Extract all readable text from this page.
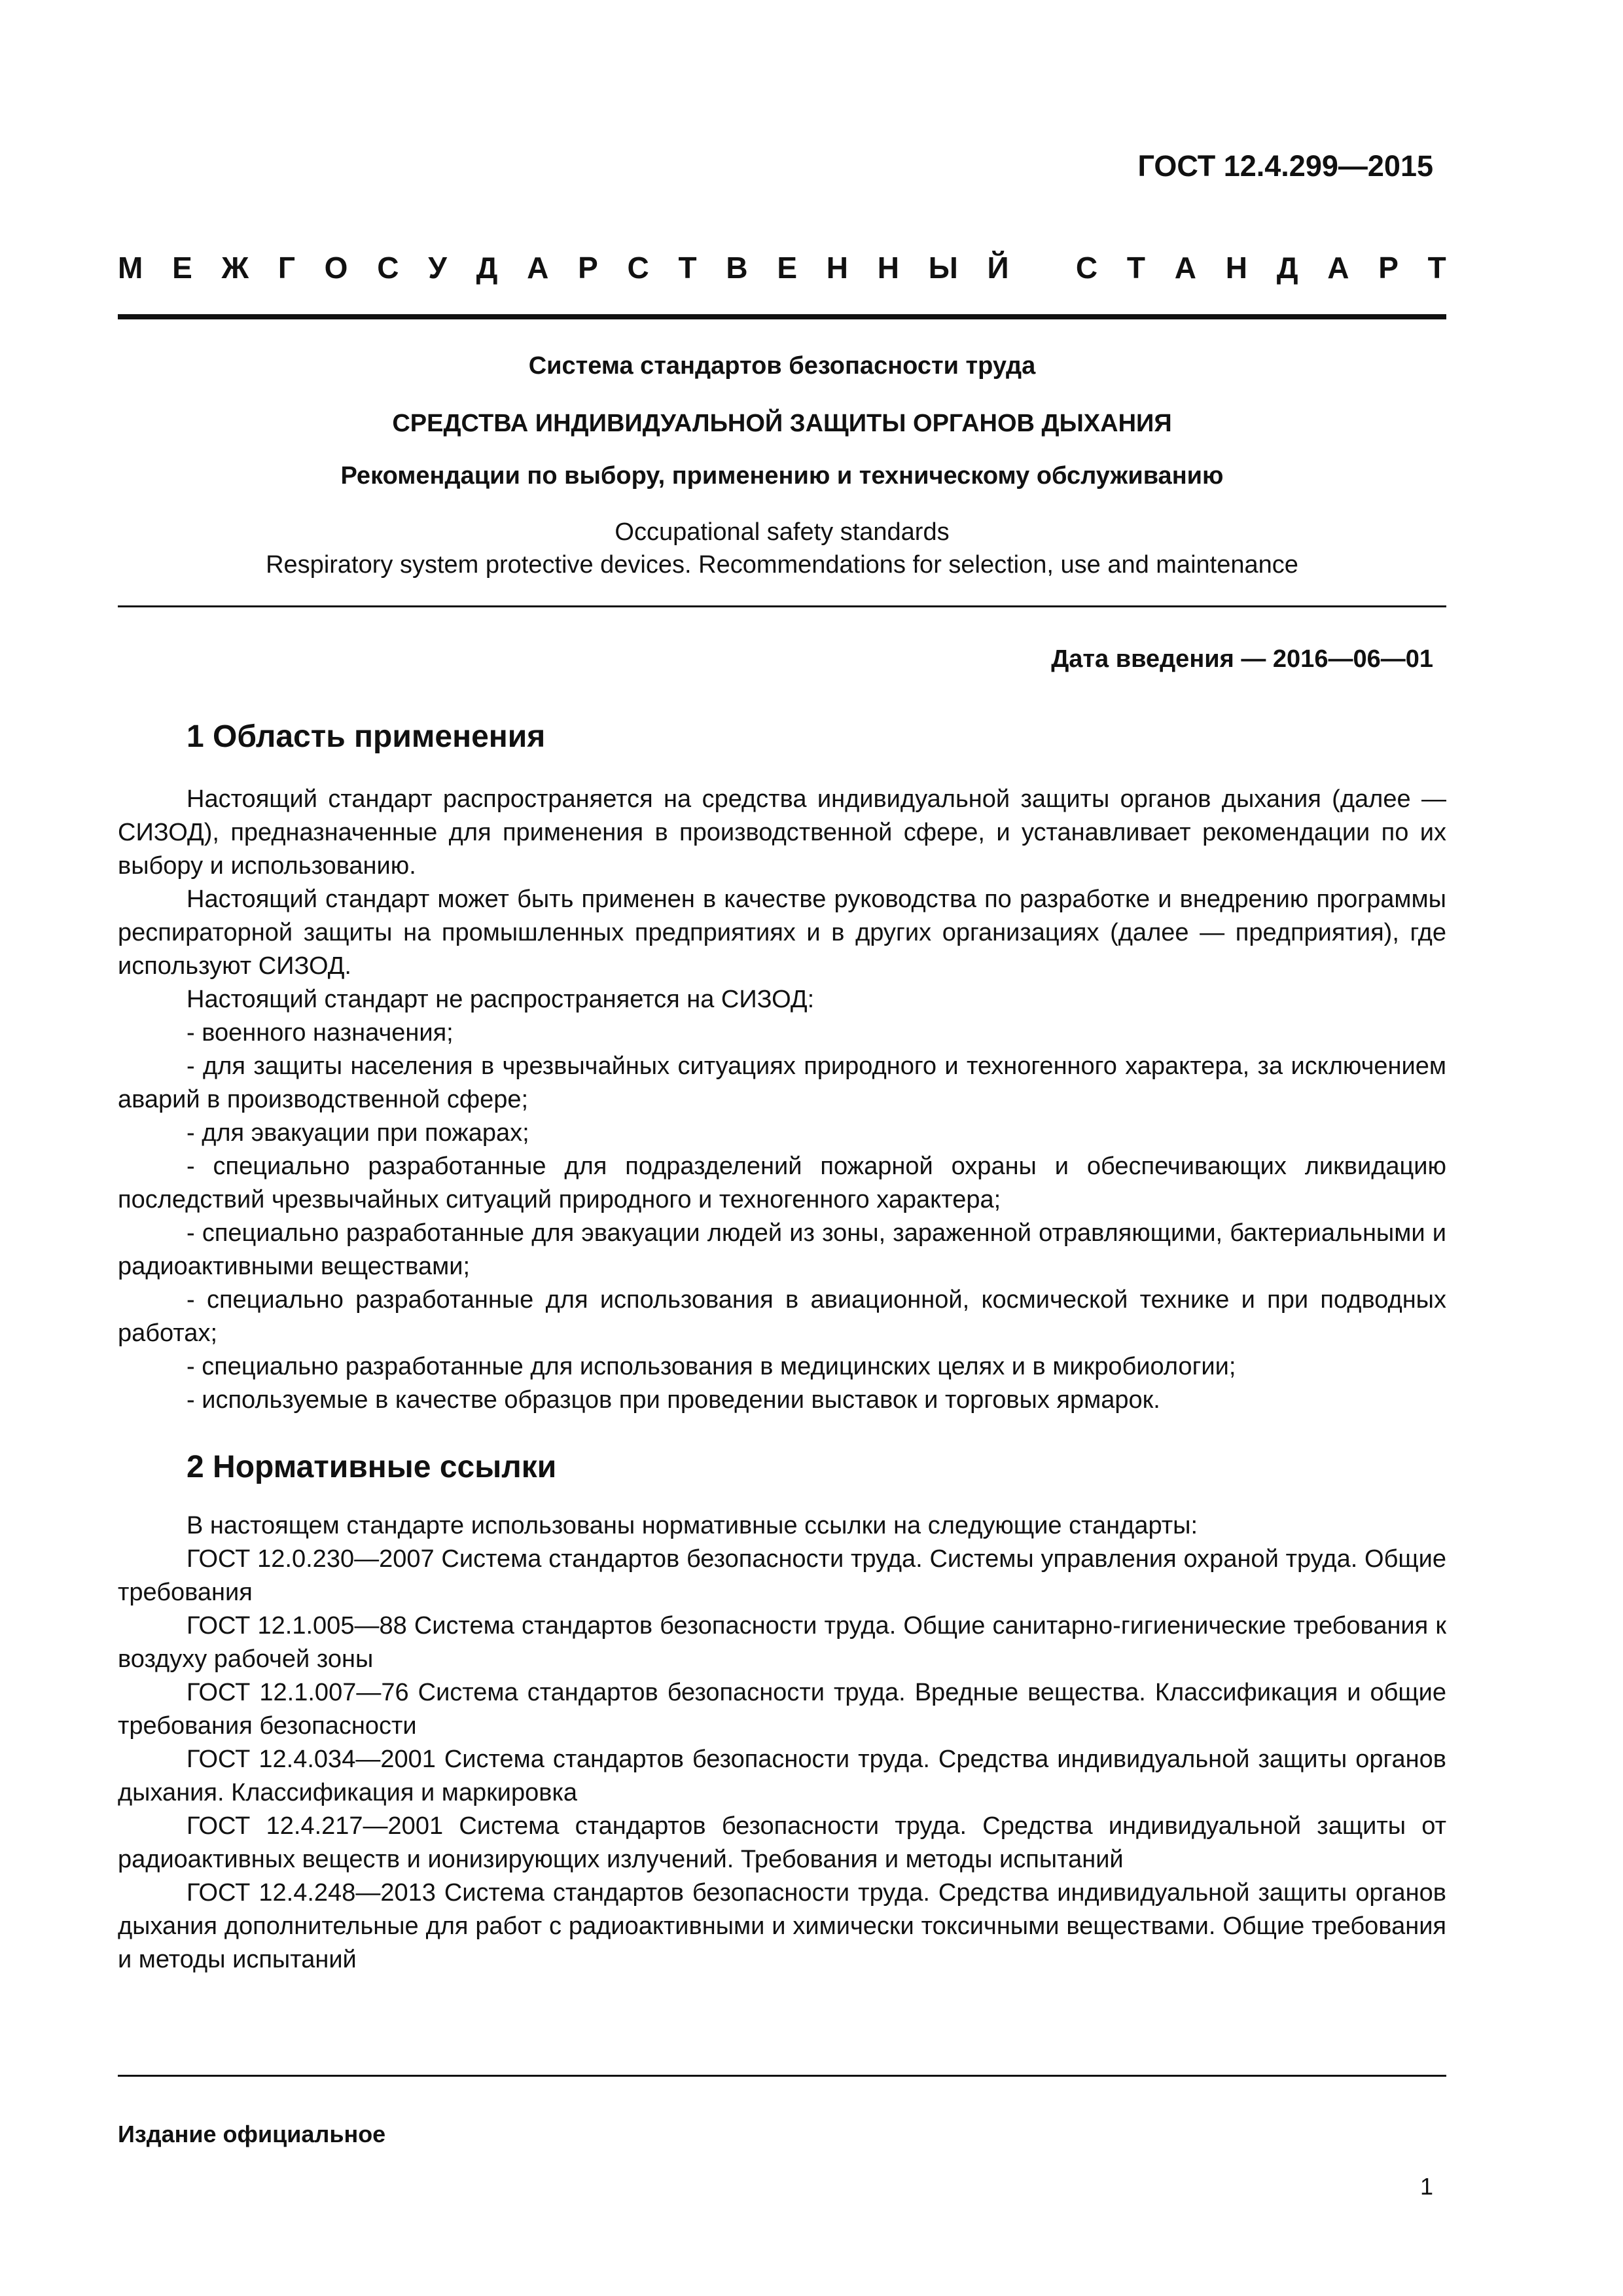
ГОСТ 12.4.299—2015
М Е Ж Г О С У Д А Р С Т В Е Н Н Ы Й
С Т А Н Д А Р Т
Система стандартов безопасности труда
СРЕДСТВА ИНДИВИДУАЛЬНОЙ ЗАЩИТЫ ОРГАНОВ ДЫХАНИЯ
Рекомендации по выбору, применению и техническому обслуживанию
Occupational safety standards
Respiratory system protective devices. Recommendations for selection, use and maintenance
Дата введения — 2016—06—01
1 Область применения

Настоящий стандарт распространяется на средства индивидуальной защиты органов дыхания (далее — СИЗОД), предназначенные для применения в производственной сфере, и устанавливает рекомендации по их выбору и использованию.

Настоящий стандарт может быть применен в качестве руководства по разработке и внедрению программы респираторной защиты на промышленных предприятиях и в других организациях (далее — предприятия), где используют СИЗОД.

Настоящий стандарт не распространяется на СИЗОД:

- военного назначения;

- для защиты населения в чрезвычайных ситуациях природного и техногенного характера, за исключением аварий в производственной сфере;

- для эвакуации при пожарах;

- специально разработанные для подразделений пожарной охраны и обеспечивающих ликвидацию последствий чрезвычайных ситуаций природного и техногенного характера;

- специально разработанные для эвакуации людей из зоны, зараженной отравляющими, бактериальными и радиоактивными веществами;

- специально разработанные для использования в авиационной, космической технике и при подводных работах;

- специально разработанные для использования в медицинских целях и в микробиологии;

- используемые в качестве образцов при проведении выставок и торговых ярмарок.

2 Нормативные ссылки

В настоящем стандарте использованы нормативные ссылки на следующие стандарты:

ГОСТ 12.0.230—2007 Система стандартов безопасности труда. Системы управления охраной труда. Общие требования

ГОСТ 12.1.005—88 Система стандартов безопасности труда. Общие санитарно-гигиенические требования к воздуху рабочей зоны

ГОСТ 12.1.007—76 Система стандартов безопасности труда. Вредные вещества. Классификация и общие требования безопасности

ГОСТ 12.4.034—2001 Система стандартов безопасности труда. Средства индивидуальной защиты органов дыхания. Классификация и маркировка

ГОСТ 12.4.217—2001 Система стандартов безопасности труда. Средства индивидуальной защиты от радиоактивных веществ и ионизирующих излучений. Требования и методы испытаний

ГОСТ 12.4.248—2013 Система стандартов безопасности труда. Средства индивидуальной защиты органов дыхания дополнительные для работ с радиоактивными и химически токсичными веществами. Общие требования и методы испытаний

Издание официальное
1
